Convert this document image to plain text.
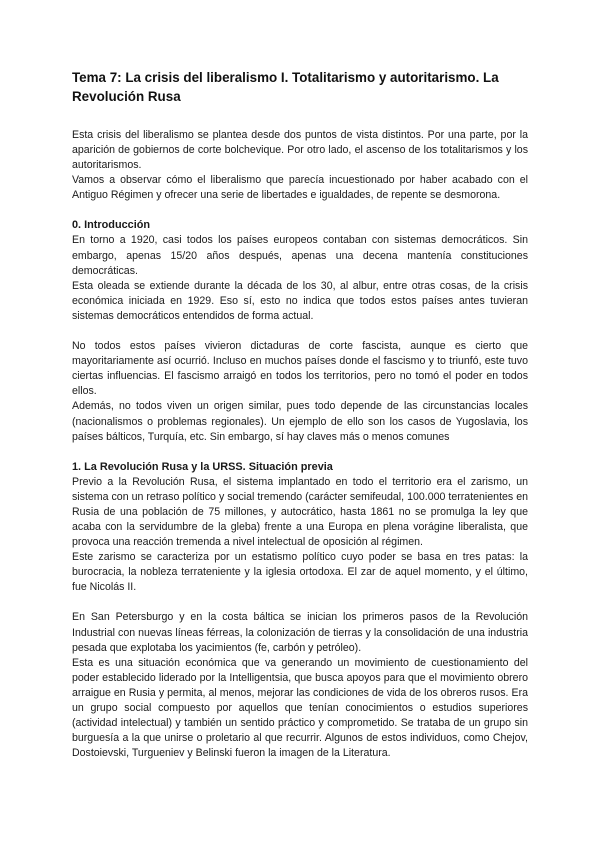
Tema 7: La crisis del liberalismo I. Totalitarismo y autoritarismo. La Revolución Rusa

Esta crisis del liberalismo se plantea desde dos puntos de vista distintos. Por una parte, por la aparición de gobiernos de corte bolchevique. Por otro lado, el ascenso de los totalitarismos y los autoritarismos.

Vamos a observar cómo el liberalismo que parecía incuestionado por haber acabado con el Antiguo Régimen y ofrecer una serie de libertades e igualdades, de repente se desmorona.

0. Introducción

En torno a 1920, casi todos los países europeos contaban con sistemas democráticos. Sin embargo, apenas 15/20 años después, apenas una decena mantenía constituciones democráticas.

Esta oleada se extiende durante la década de los 30, al albur, entre otras cosas, de la crisis económica iniciada en 1929. Eso sí, esto no indica que todos estos países antes tuvieran sistemas democráticos entendidos de forma actual.

No todos estos países vivieron dictaduras de corte fascista, aunque es cierto que mayoritariamente así ocurrió. Incluso en muchos países donde el fascismo y to triunfó, este tuvo ciertas influencias. El fascismo arraigó en todos los territorios, pero no tomó el poder en todos ellos.

Además, no todos viven un origen similar, pues todo depende de las circunstancias locales (nacionalismos o problemas regionales). Un ejemplo de ello son los casos de Yugoslavia, los países bálticos, Turquía, etc. Sin embargo, sí hay claves más o menos comunes

1. La Revolución Rusa y la URSS. Situación previa

Previo a la Revolución Rusa, el sistema implantado en todo el territorio era el zarismo, un sistema con un retraso político y social tremendo (carácter semifeudal, 100.000 terratenientes en Rusia de una población de 75 millones, y autocrático, hasta 1861 no se promulga la ley que acaba con la servidumbre de la gleba) frente a una Europa en plena vorágine liberalista, que provoca una reacción tremenda a nivel intelectual de oposición al régimen.

Este zarismo se caracteriza por un estatismo político cuyo poder se basa en tres patas: la burocracia, la nobleza terrateniente y la iglesia ortodoxa. El zar de aquel momento, y el último, fue Nicolás II.

En San Petersburgo y en la costa báltica se inician los primeros pasos de la Revolución Industrial con nuevas líneas férreas, la colonización de tierras y la consolidación de una industria pesada que explotaba los yacimientos (fe, carbón y petróleo).

Esta es una situación económica que va generando un movimiento de cuestionamiento del poder establecido liderado por la Intelligentsia, que busca apoyos para que el movimiento obrero arraigue en Rusia y permita, al menos, mejorar las condiciones de vida de los obreros rusos. Era un grupo social compuesto por aquellos que tenían conocimientos o estudios superiores (actividad intelectual) y también un sentido práctico y comprometido. Se trataba de un grupo sin burguesía a la que unirse o proletario al que recurrir. Algunos de estos individuos, como Chejov, Dostoievski, Turgueniev y Belinski fueron la imagen de la Literatura.
